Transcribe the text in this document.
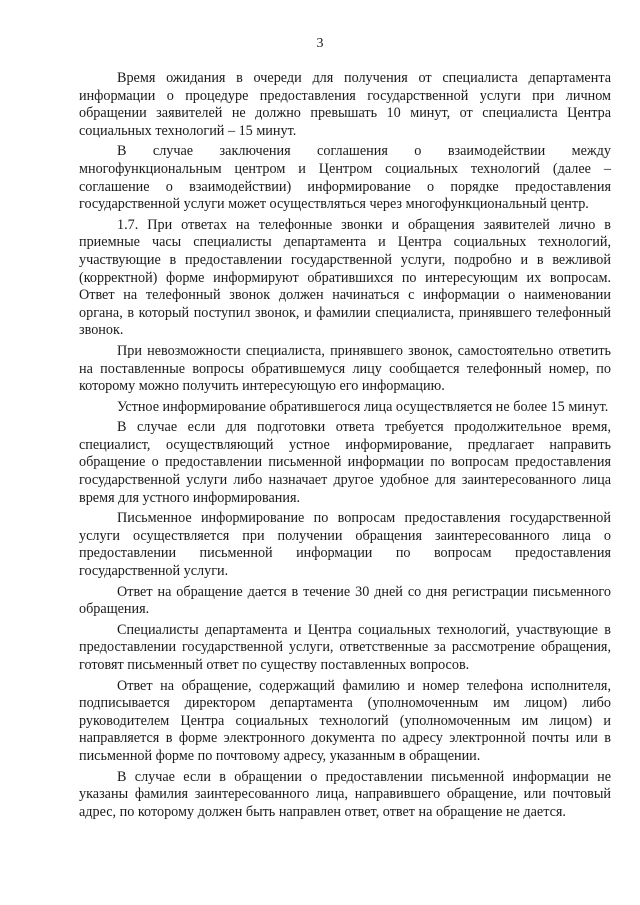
3

Время ожидания в очереди для получения от специалиста департамента информации о процедуре предоставления государственной услуги при личном обращении заявителей не должно превышать 10 минут, от специалиста Центра социальных технологий – 15 минут.

В случае заключения соглашения о взаимодействии между многофункциональным центром и Центром социальных технологий (далее – соглашение о взаимодействии) информирование о порядке предоставления государственной услуги может осуществляться через многофункциональный центр.

1.7. При ответах на телефонные звонки и обращения заявителей лично в приемные часы специалисты департамента и Центра социальных технологий, участвующие в предоставлении государственной услуги, подробно и в вежливой (корректной) форме информируют обратившихся по интересующим их вопросам. Ответ на телефонный звонок должен начинаться с информации о наименовании органа, в который поступил звонок, и фамилии специалиста, принявшего телефонный звонок.

При невозможности специалиста, принявшего звонок, самостоятельно ответить на поставленные вопросы обратившемуся лицу сообщается телефонный номер, по которому можно получить интересующую его информацию.

Устное информирование обратившегося лица осуществляется не более 15 минут.

В случае если для подготовки ответа требуется продолжительное время, специалист, осуществляющий устное информирование, предлагает направить обращение о предоставлении письменной информации по вопросам предоставления государственной услуги либо назначает другое удобное для заинтересованного лица время для устного информирования.

Письменное информирование по вопросам предоставления государственной услуги осуществляется при получении обращения заинтересованного лица о предоставлении письменной информации по вопросам предоставления государственной услуги.

Ответ на обращение дается в течение 30 дней со дня регистрации письменного обращения.

Специалисты департамента и Центра социальных технологий, участвующие в предоставлении государственной услуги, ответственные за рассмотрение обращения, готовят письменный ответ по существу поставленных вопросов.

Ответ на обращение, содержащий фамилию и номер телефона исполнителя, подписывается директором департамента (уполномоченным им лицом) либо руководителем Центра социальных технологий (уполномоченным им лицом) и направляется в форме электронного документа по адресу электронной почты или в письменной форме по почтовому адресу, указанным в обращении.

В случае если в обращении о предоставлении письменной информации не указаны фамилия заинтересованного лица, направившего обращение, или почтовый адрес, по которому должен быть направлен ответ, ответ на обращение не дается.
